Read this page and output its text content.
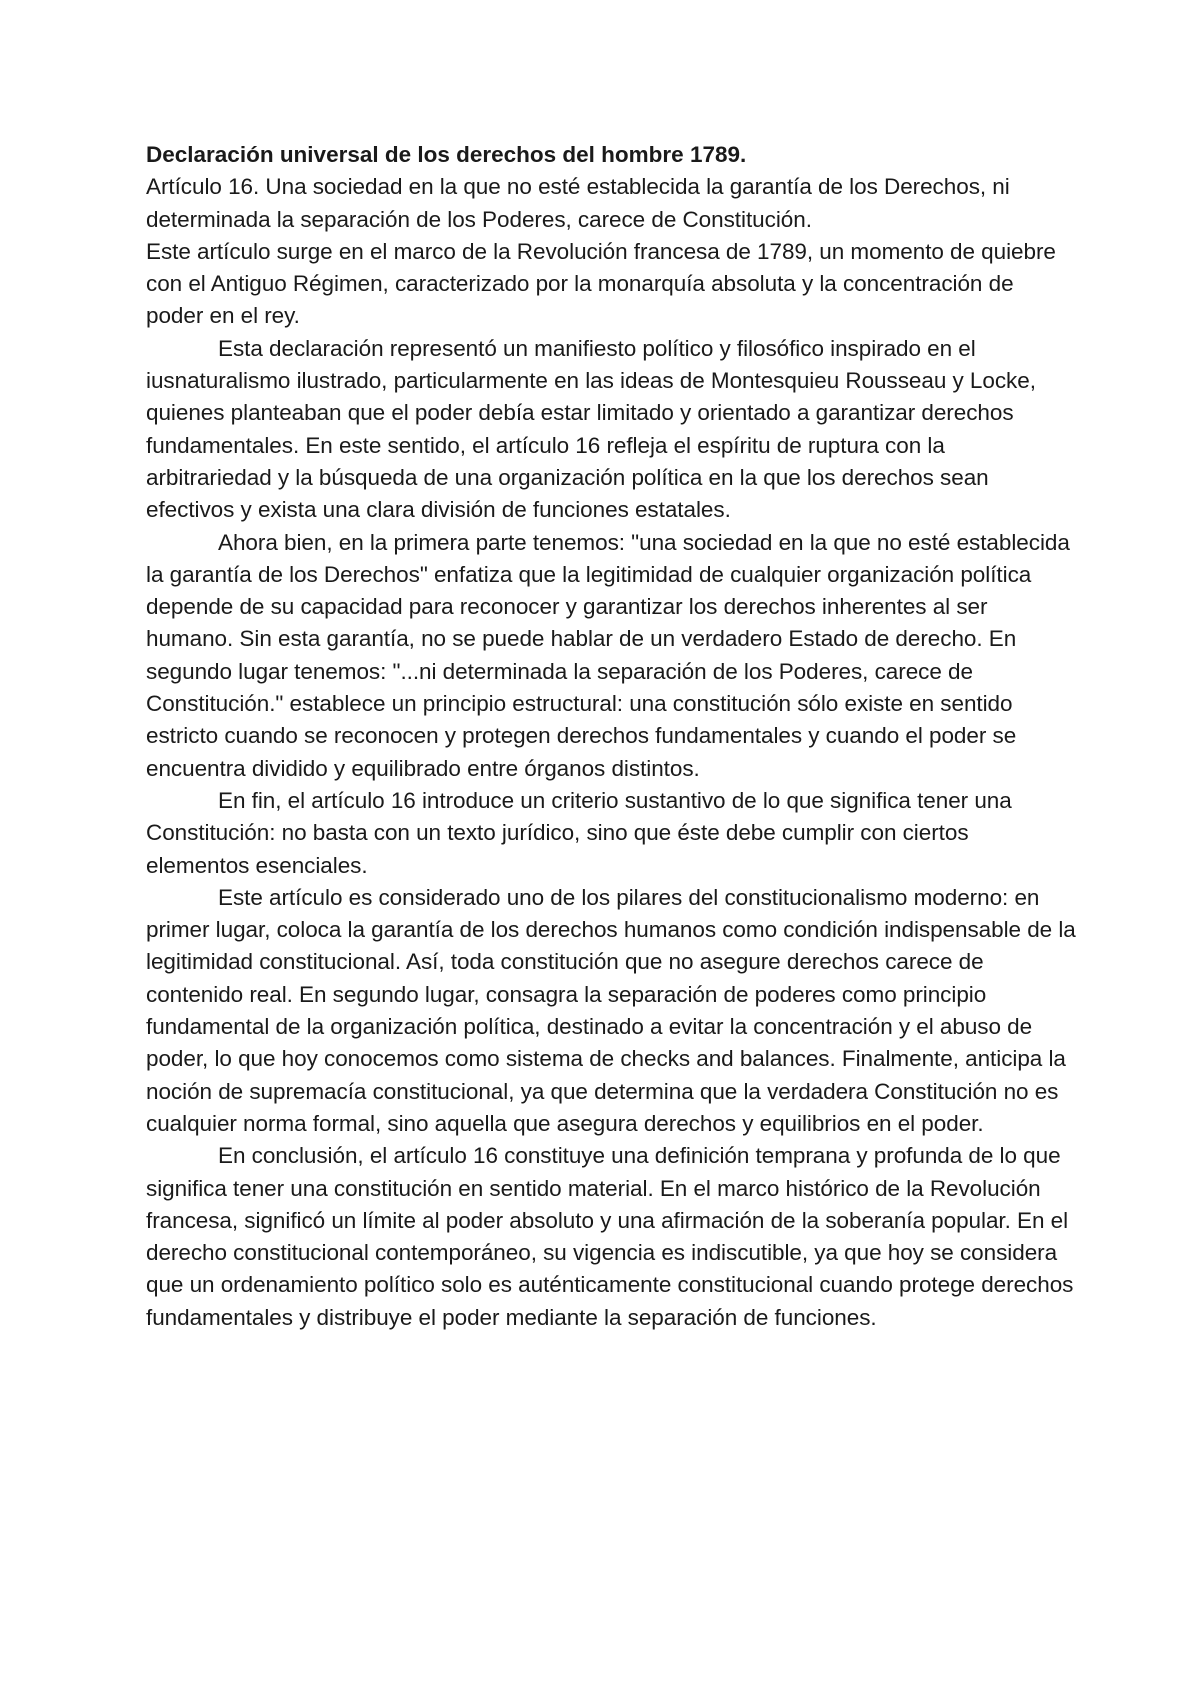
Declaración universal de los derechos del hombre 1789.

Artículo 16. Una sociedad en la que no esté establecida la garantía de los Derechos, ni determinada la separación de los Poderes, carece de Constitución.

Este artículo surge en el marco de la Revolución francesa de 1789, un momento de quiebre con el Antiguo Régimen, caracterizado por la monarquía absoluta y la concentración de poder en el rey.

Esta declaración representó un manifiesto político y filosófico inspirado en el iusnaturalismo ilustrado, particularmente en las ideas de Montesquieu Rousseau y Locke, quienes planteaban que el poder debía estar limitado y orientado a garantizar derechos fundamentales. En este sentido, el artículo 16 refleja el espíritu de ruptura con la arbitrariedad y la búsqueda de una organización política en la que los derechos sean efectivos y exista una clara división de funciones estatales.

Ahora bien, en la primera parte tenemos: "una sociedad en la que no esté establecida la garantía de los Derechos" enfatiza que la legitimidad de cualquier organización política depende de su capacidad para reconocer y garantizar los derechos inherentes al ser humano. Sin esta garantía, no se puede hablar de un verdadero Estado de derecho. En segundo lugar tenemos: "...ni determinada la separación de los Poderes, carece de Constitución." establece un principio estructural: una constitución sólo existe en sentido estricto cuando se reconocen y protegen derechos fundamentales y cuando el poder se encuentra dividido y equilibrado entre órganos distintos.

En fin, el artículo 16 introduce un criterio sustantivo de lo que significa tener una Constitución: no basta con un texto jurídico, sino que éste debe cumplir con ciertos elementos esenciales.

Este artículo es considerado uno de los pilares del constitucionalismo moderno: en primer lugar, coloca la garantía de los derechos humanos como condición indispensable de la legitimidad constitucional. Así, toda constitución que no asegure derechos carece de contenido real. En segundo lugar, consagra la separación de poderes como principio fundamental de la organización política, destinado a evitar la concentración y el abuso de poder, lo que hoy conocemos como sistema de checks and balances. Finalmente, anticipa la noción de supremacía constitucional, ya que determina que la verdadera Constitución no es cualquier norma formal, sino aquella que asegura derechos y equilibrios en el poder.

En conclusión, el artículo 16 constituye una definición temprana y profunda de lo que significa tener una constitución en sentido material. En el marco histórico de la Revolución francesa, significó un límite al poder absoluto y una afirmación de la soberanía popular. En el derecho constitucional contemporáneo, su vigencia es indiscutible, ya que hoy se considera que un ordenamiento político solo es auténticamente constitucional cuando protege derechos fundamentales y distribuye el poder mediante la separación de funciones.
